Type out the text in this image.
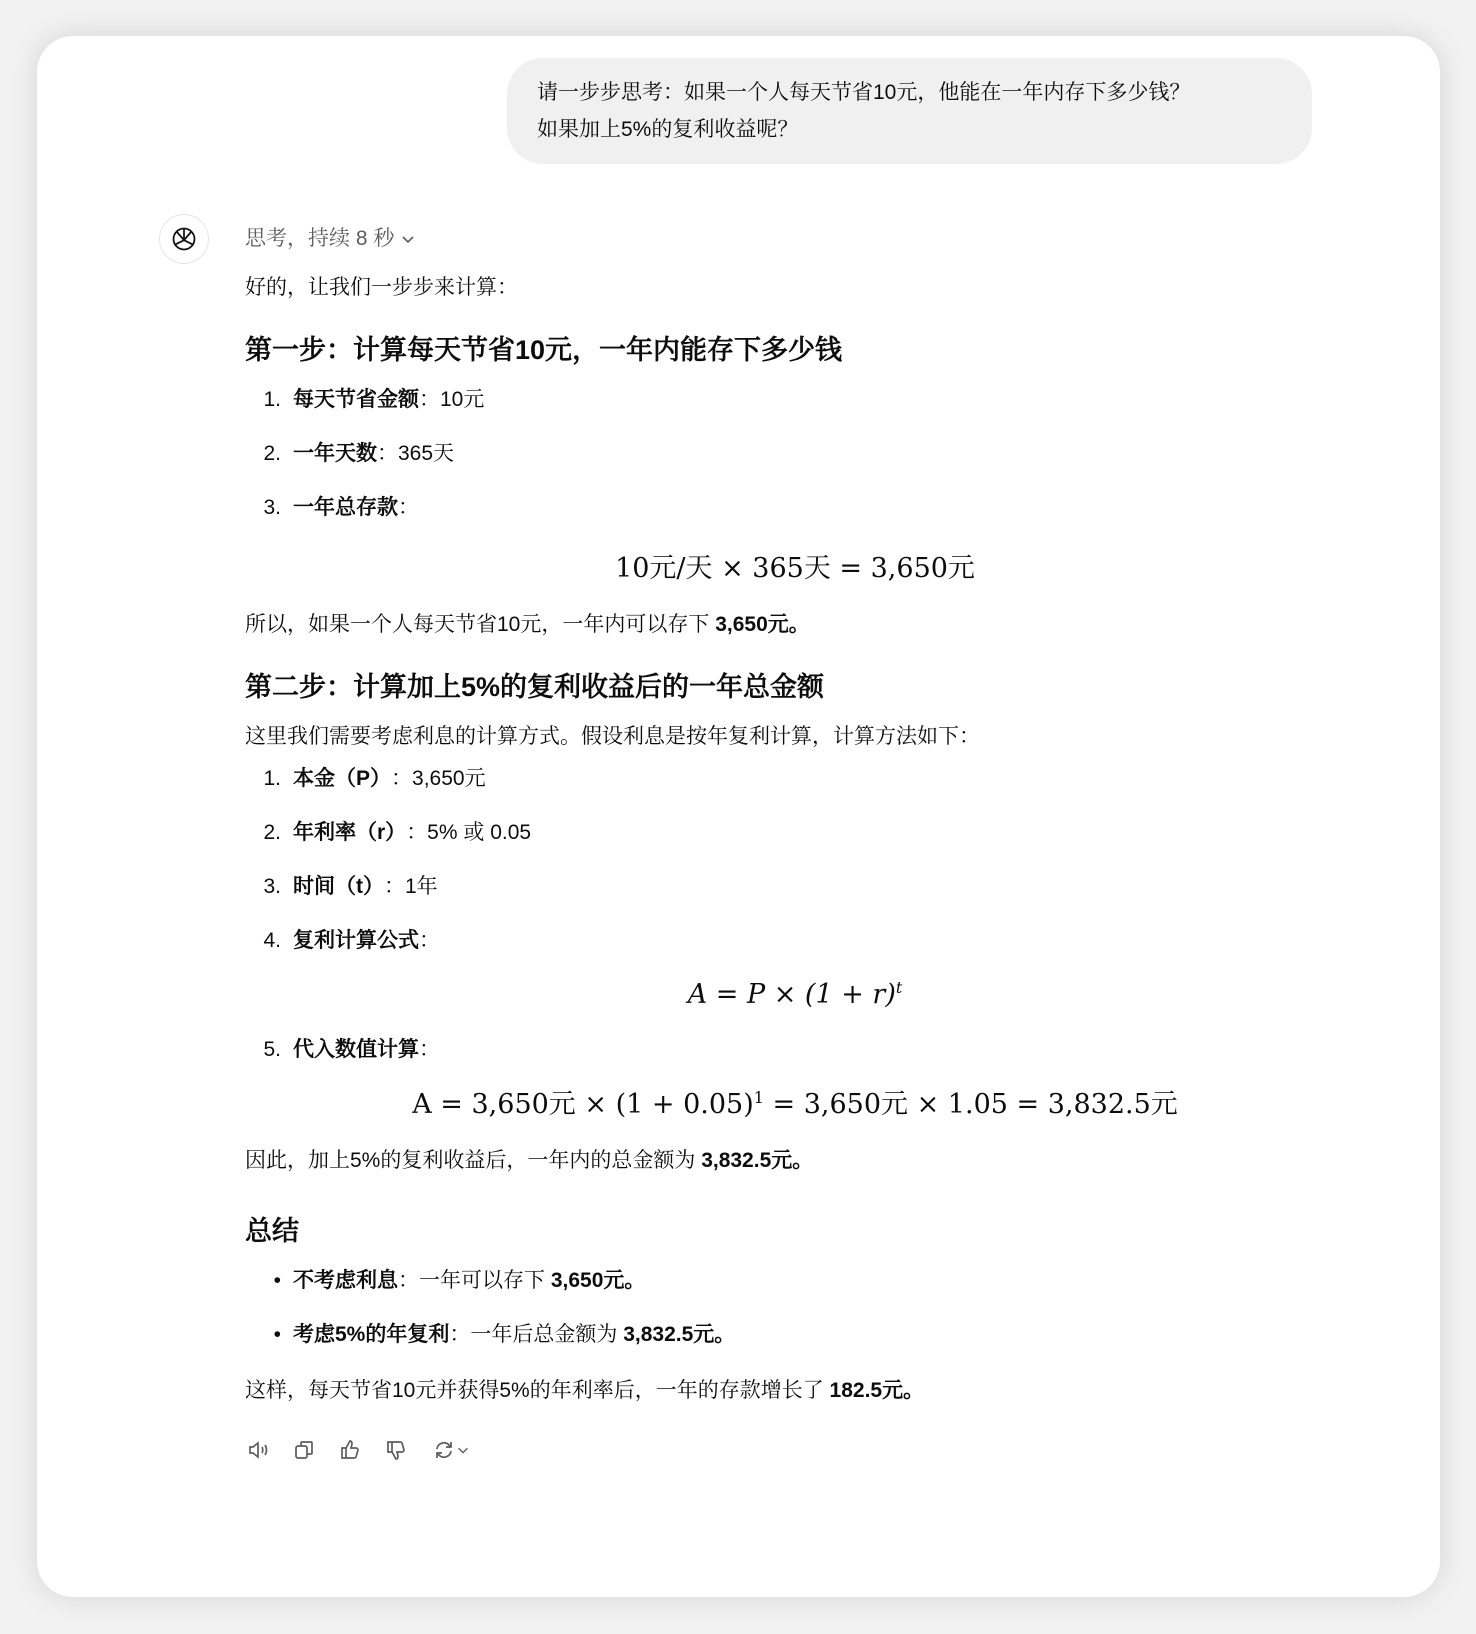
请一步步思考：如果一个人每天节省10元，他能在一年内存下多少钱？
如果加上5%的复利收益呢？
思考，持续 8 秒

好的，让我们一步步来计算：

第一步：计算每天节省10元，一年内能存下多少钱
1. 每天节省金额 ：10元
2. 一年天数 ：365天
3. 一年总存款 ：
10元/天 × 365天 = 3,650元

所以，如果一个人每天节省10元，一年内可以存下 3,650元。

第二步：计算加上5%的复利收益后的一年总金额

这里我们需要考虑利息的计算方式。假设利息是按年复利计算，计算方法如下：

1. 本金（P） ：3,650元
2. 年利率（r） ：5% 或 0.05
3. 时间（t） ：1年
4. 复利计算公式 ：
$A = P \times (1 + r)^t$
5. 代入数值计算 ：
A = 3,650元 × $(1 + 0.05)^1 = 3,650$元 × 1.05 = 3,832.5元

因此，加上5%的复利收益后，一年内的总金额为 3,832.5元。

总结
• 不考虑利息 ：一年可以存下 3,650元。
• 考虑5%的年复利 ：一年后总金额为 3,832.5元。

这样，每天节省10元并获得5%的年利率后，一年的存款增长了 182.5元。
